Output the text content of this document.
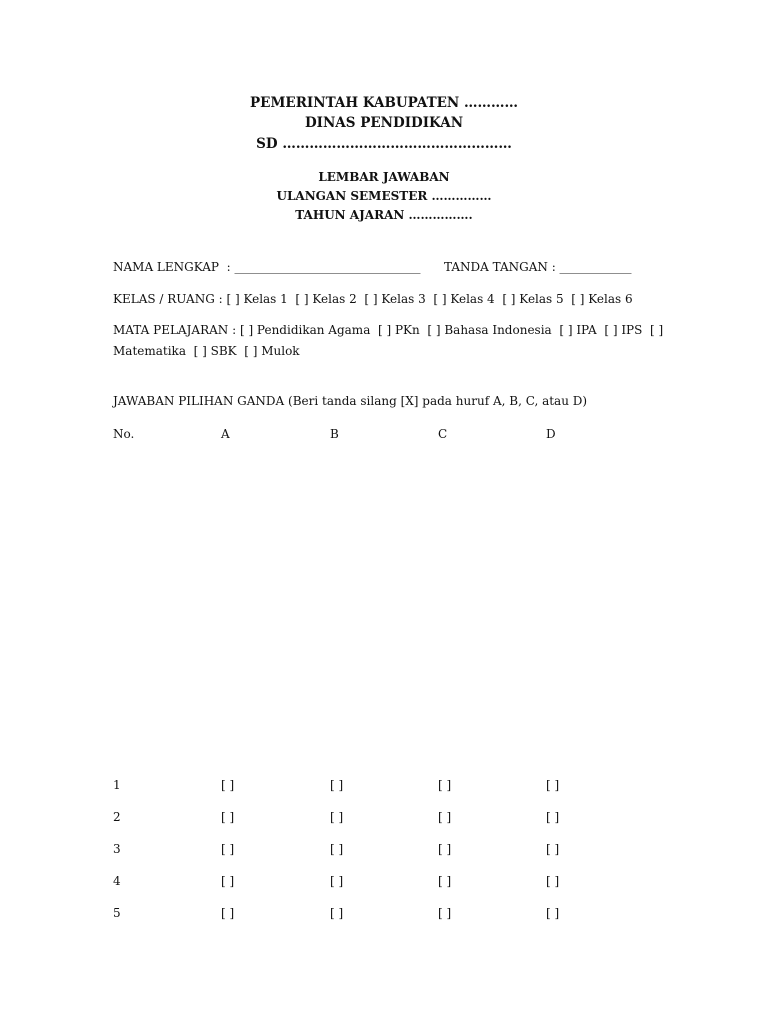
PEMERINTAH KABUPATEN …………
DINAS PENDIDIKAN
SD ……………………………………………
LEMBAR JAWABAN
ULANGAN SEMESTER ……………
TAHUN AJARAN …………….
NAMA LENGKAP  : _______________________________ TANDA TANGAN : ____________
KELAS / RUANG : [ ] Kelas 1  [ ] Kelas 2  [ ] Kelas 3  [ ] Kelas 4  [ ] Kelas 5  [ ] Kelas 6
MATA PELAJARAN : [ ] Pendidikan Agama  [ ] PKn  [ ] Bahasa Indonesia  [ ] IPA  [ ] IPS  [ ]
Matematika  [ ] SBK  [ ] Mulok
JAWABAN PILIHAN GANDA (Beri tanda silang [X] pada huruf A, B, C, atau D)
No.	A	B	C	D
1	[ ]	[ ]	[ ]	[ ]
2	[ ]	[ ]	[ ]	[ ]
3	[ ]	[ ]	[ ]	[ ]
4	[ ]	[ ]	[ ]	[ ]
5	[ ]	[ ]	[ ]	[ ]
